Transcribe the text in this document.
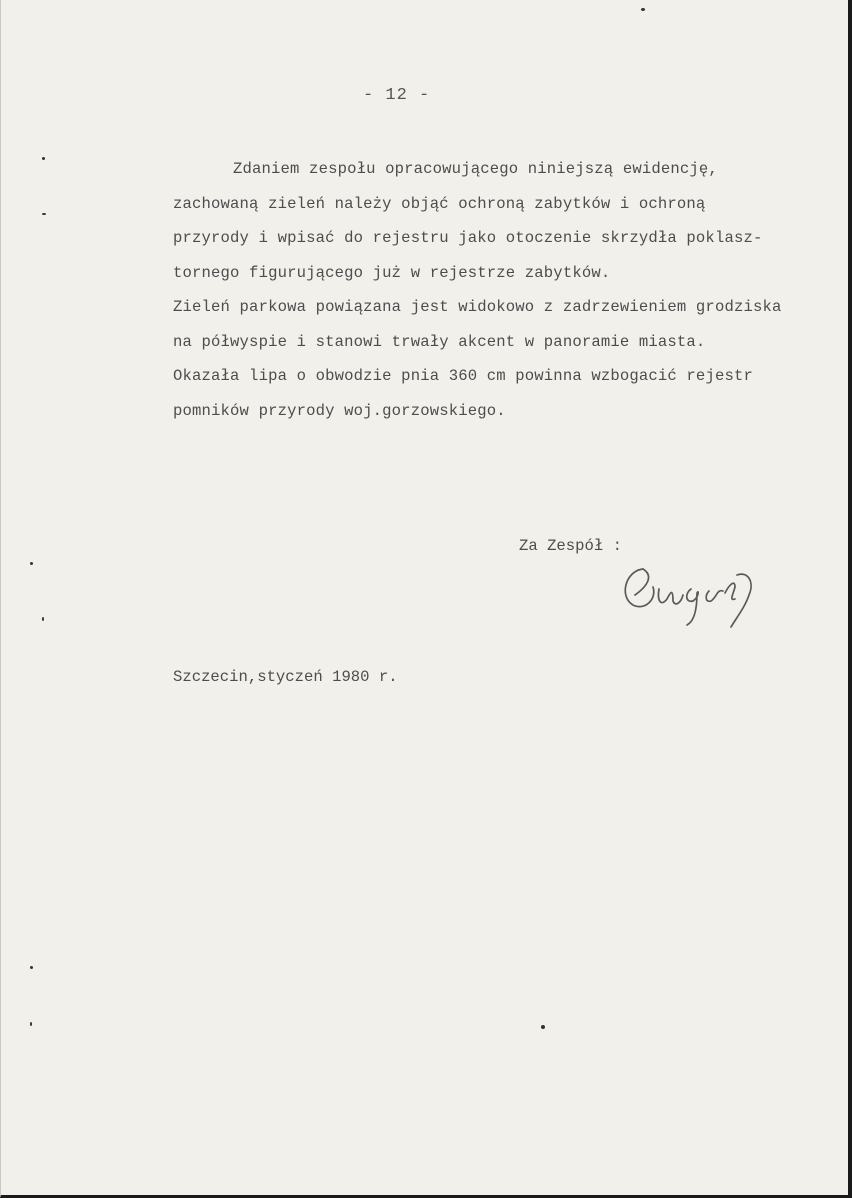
- 12 -
Zdaniem zespołu opracowującego niniejszą ewidencję,
zachowaną zieleń należy objąć ochroną zabytków i ochroną
przyrody i wpisać do rejestru jako otoczenie skrzydła poklasz-
tornego figurującego już w rejestrze zabytków.
Zieleń parkowa powiązana jest widokowo z zadrzewieniem grodziska
na półwyspie i stanowi trwały akcent w panoramie miasta.
Okazała lipa o obwodzie pnia 360 cm powinna wzbogacić rejestr
pomników przyrody woj.gorzowskiego.
Za Zespół :
Szczecin,styczeń 1980 r.
